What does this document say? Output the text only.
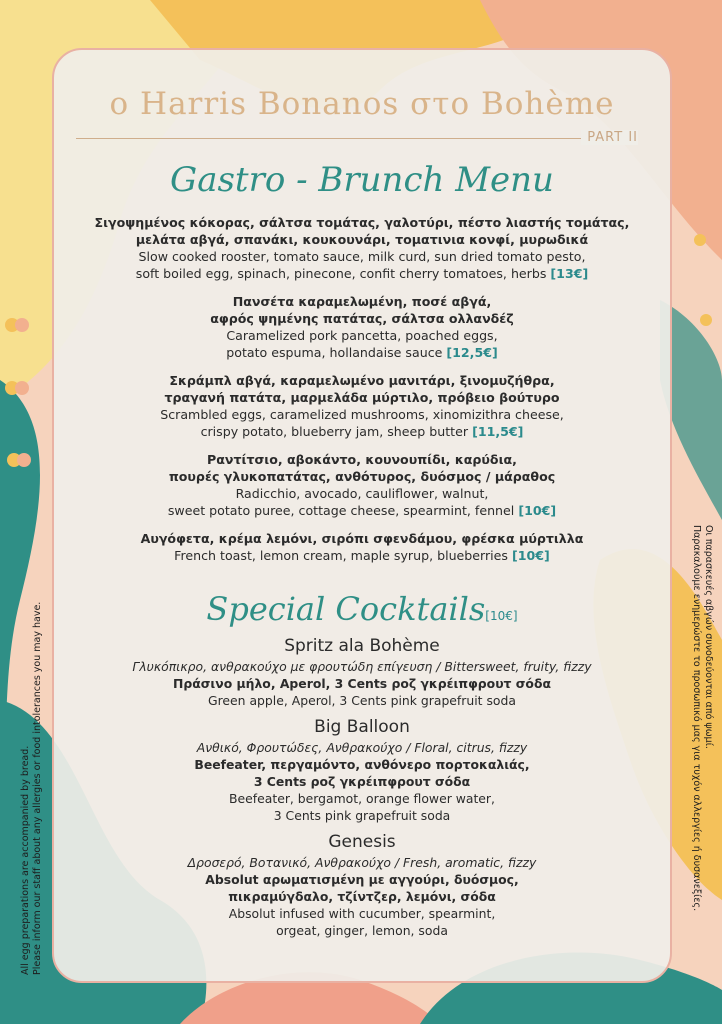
o Harris Bonanos στο Bohème
PART II
Gastro - Brunch Menu
Σιγοψημένος κόκορας, σάλτσα τομάτας, γαλοτύρι, πέστο λιαστής τομάτας,
μελάτα αβγά, σπανάκι, κουκουνάρι, τοματινια κονφί, μυρωδικά
Slow cooked rooster, tomato sauce, milk curd, sun dried tomato pesto,
soft boiled egg, spinach, pinecone, confit cherry tomatoes, herbs [13€]
Πανσέτα καραμελωμένη, ποσέ αβγά,
αφρός ψημένης πατάτας, σάλτσα ολλανδέζ
Caramelized pork pancetta, poached eggs,
potato espuma, hollandaise sauce [12,5€]
Σκράμπλ αβγά, καραμελωμένο μανιτάρι, ξινομυζήθρα,
τραγανή πατάτα, μαρμελάδα μύρτιλο, πρόβειο βούτυρο
Scrambled eggs, caramelized mushrooms, xinomizithra cheese,
crispy potato, blueberry jam, sheep butter [11,5€]
Ραντίτσιο, αβοκάντο, κουνουπίδι, καρύδια,
πουρές γλυκοπατάτας, ανθότυρος, δυόσμος / μάραθος
Radicchio, avocado, cauliflower, walnut,
sweet potato puree, cottage cheese, spearmint, fennel [10€]
Αυγόφετα, κρέμα λεμόνι, σιρόπι σφενδάμου, φρέσκα μύρτιλλα
French toast, lemon cream, maple syrup, blueberries [10€]
Special Cocktails[10€]
Spritz ala Bohème
Γλυκόπικρο, ανθρακούχο με φρουτώδη επίγευση / Bittersweet, fruity, fizzy
Πράσινο μήλο, Aperol, 3 Cents ροζ γκρέιπφρουτ σόδα
Green apple, Aperol, 3 Cents pink grapefruit soda
Big Balloon
Ανθικό, Φρουτώδες, Ανθρακούχο / Floral, citrus, fizzy
Beefeater, περγαμόντο, ανθόνερο πορτοκαλιάς,
3 Cents ροζ γκρέιπφρουτ σόδα
Beefeater, bergamot, orange flower water,
3 Cents pink grapefruit soda
Genesis
Δροσερό, Βοτανικό, Ανθρακούχο / Fresh, aromatic, fizzy
Absolut αρωματισμένη με αγγούρι, δυόσμος,
πικραμύγδαλο, τζίντζερ, λεμόνι, σόδα
Absolut infused with cucumber, spearmint,
orgeat, ginger, lemon, soda
All egg preparations are accompanied by bread. Please inform our staff about any allergies or food intolerances you may have.	Οι παρασκευές αβγών συνοδεύονται από ψωμί.
Παρακαλούμε ενημερώστε το προσωπικό μας για τυχόν αλλεργίες ή δυσανεξίες.
